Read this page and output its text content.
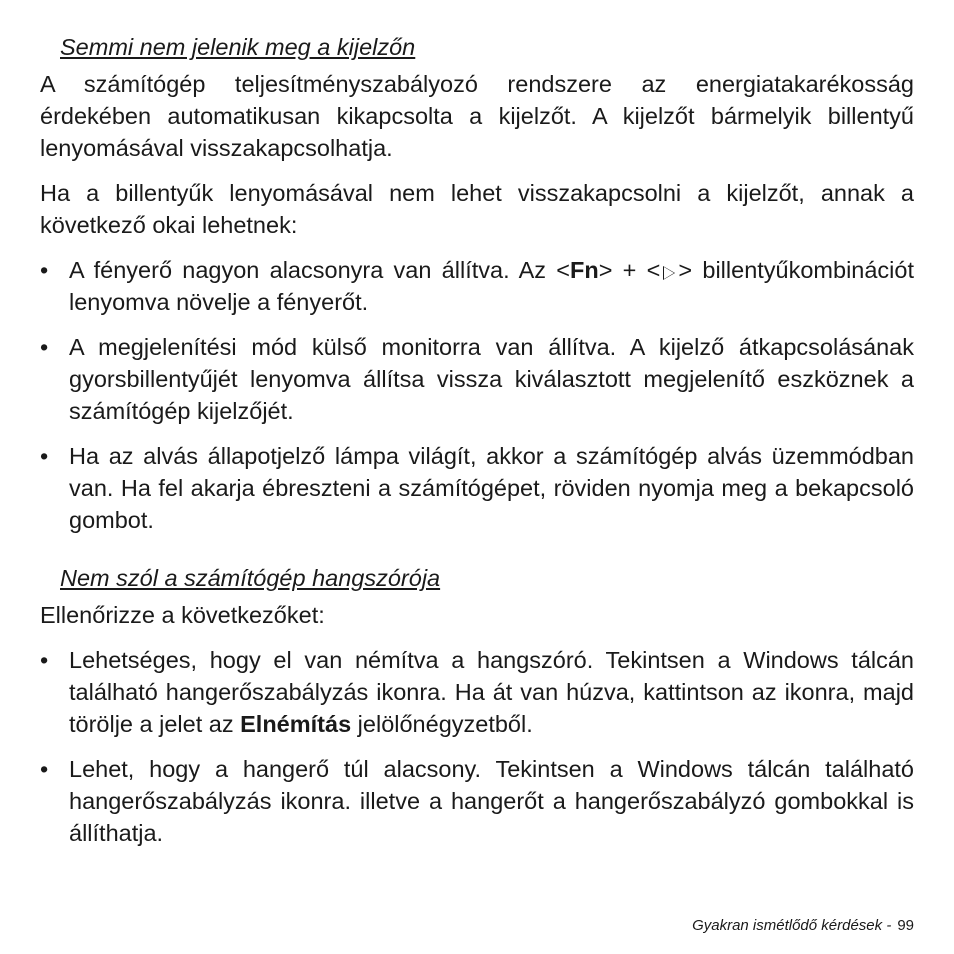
Semmi nem jelenik meg a kijelzőn

A számítógép teljesítményszabályozó rendszere az energiatakarékosság érdekében automatikusan kikapcsolta a kijelzőt. A kijelzőt bármelyik billentyű lenyomásával visszakapcsolhatja.

Ha a billentyűk lenyomásával nem lehet visszakapcsolni a kijelzőt, annak a következő okai lehetnek:

• A fényerő nagyon alacsonyra van állítva. Az <Fn> + < > billentyűkombinációt lenyomva növelje a fényerőt.
• A megjelenítési mód külső monitorra van állítva. A kijelző átkapcsolásának gyorsbillentyűjét lenyomva állítsa vissza kiválasztott megjelenítő eszköznek a számítógép kijelzőjét.
• Ha az alvás állapotjelző lámpa világít, akkor a számítógép alvás üzemmódban van. Ha fel akarja ébreszteni a számítógépet, röviden nyomja meg a bekapcsoló gombot.
Nem szól a számítógép hangszórója

Ellenőrizze a következőket:

• Lehetséges, hogy el van némítva a hangszóró. Tekintsen a Windows tálcán található hangerőszabályzás ikonra. Ha át van húzva, kattintson az ikonra, majd törölje a jelet az Elnémítás jelölőnégyzetből.
• Lehet, hogy a hangerő túl alacsony. Tekintsen a Windows tálcán található hangerőszabályzás ikonra. illetve a hangerőt a hangerőszabályzó gombokkal is állíthatja.
Gyakran ismétlődő kérdések - 99
